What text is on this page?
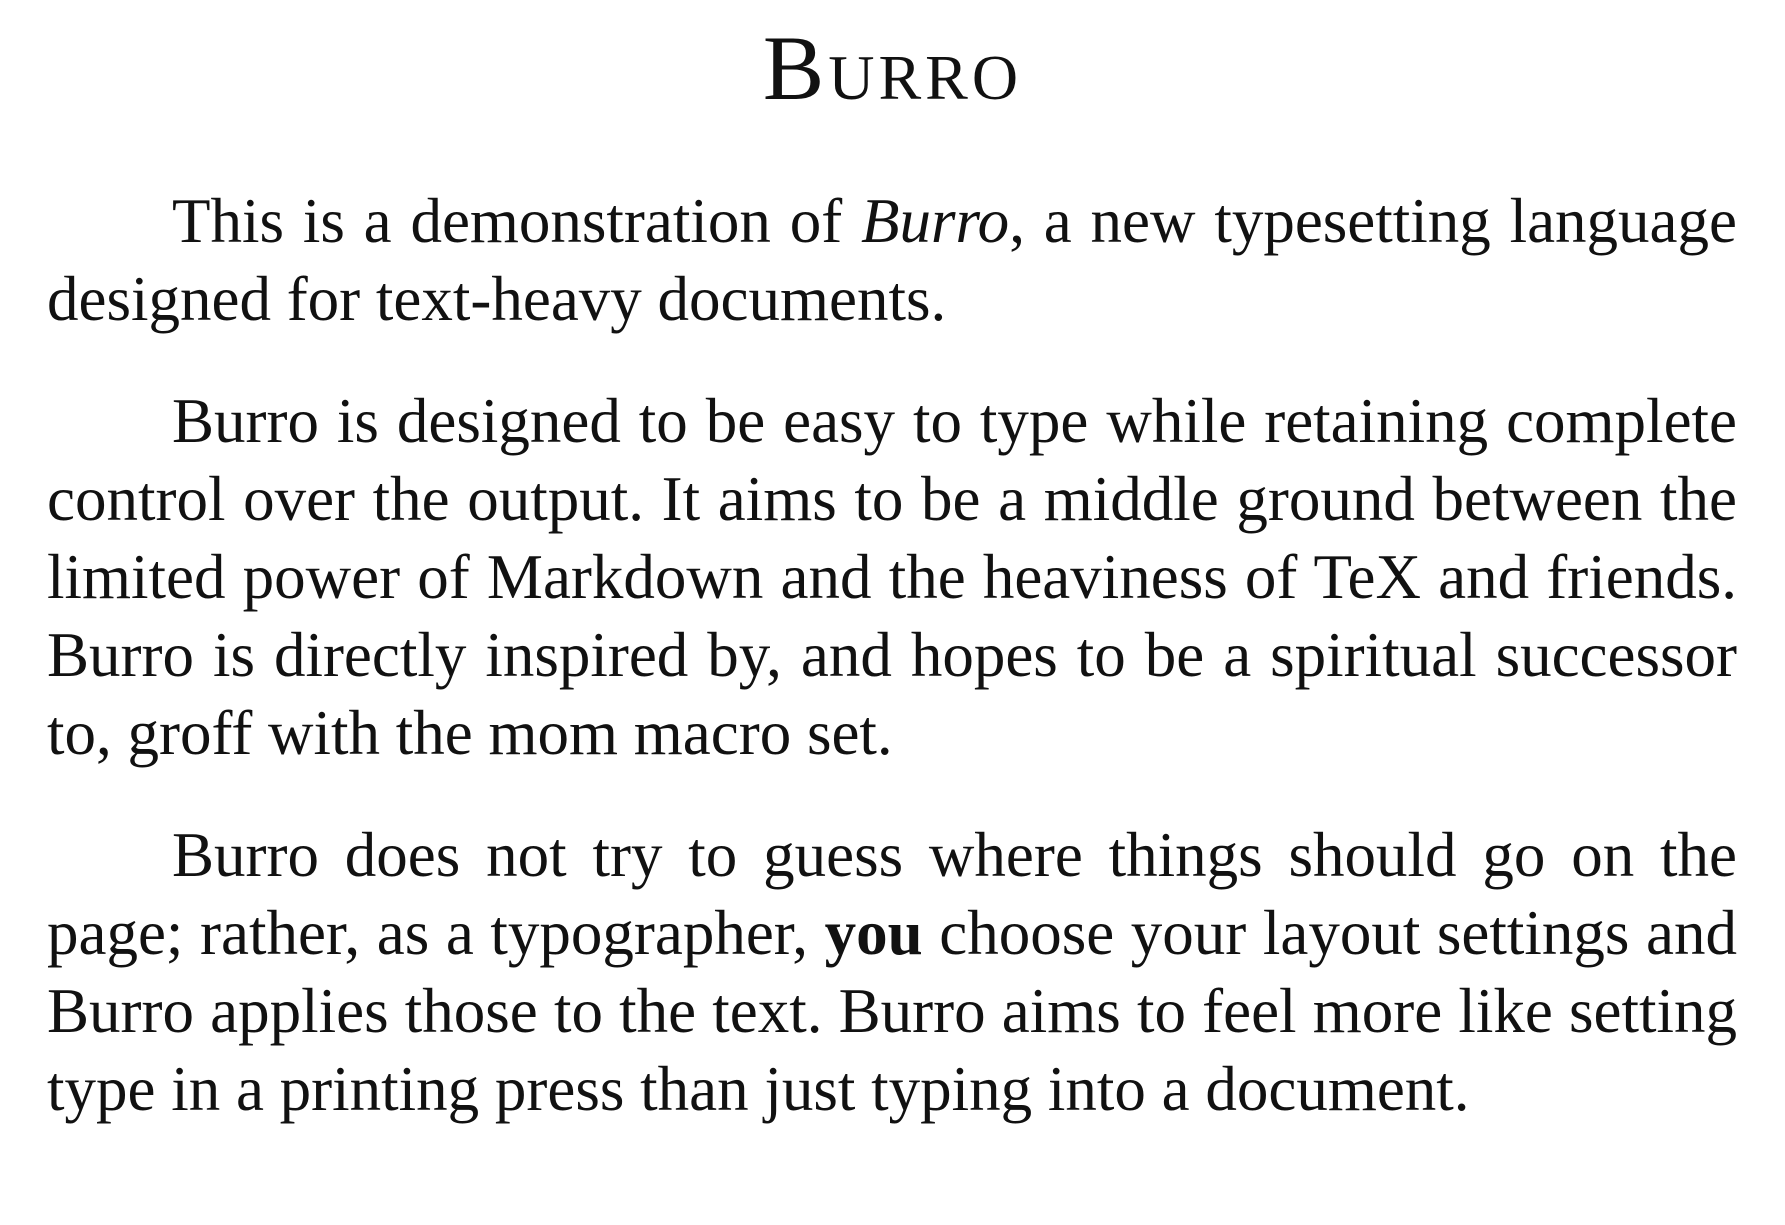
Burro

This is a demonstration of Burro, a new typesetting language designed for text-heavy documents.

Burro is designed to be easy to type while retaining complete control over the output. It aims to be a middle ground between the limited power of Markdown and the heaviness of TeX and friends. Burro is directly inspired by, and hopes to be a spiritual successor to, groff with the mom macro set.

Burro does not try to guess where things should go on the page; rather, as a typographer, you choose your layout settings and Burro applies those to the text. Burro aims to feel more like setting type in a printing press than just typing into a document.
